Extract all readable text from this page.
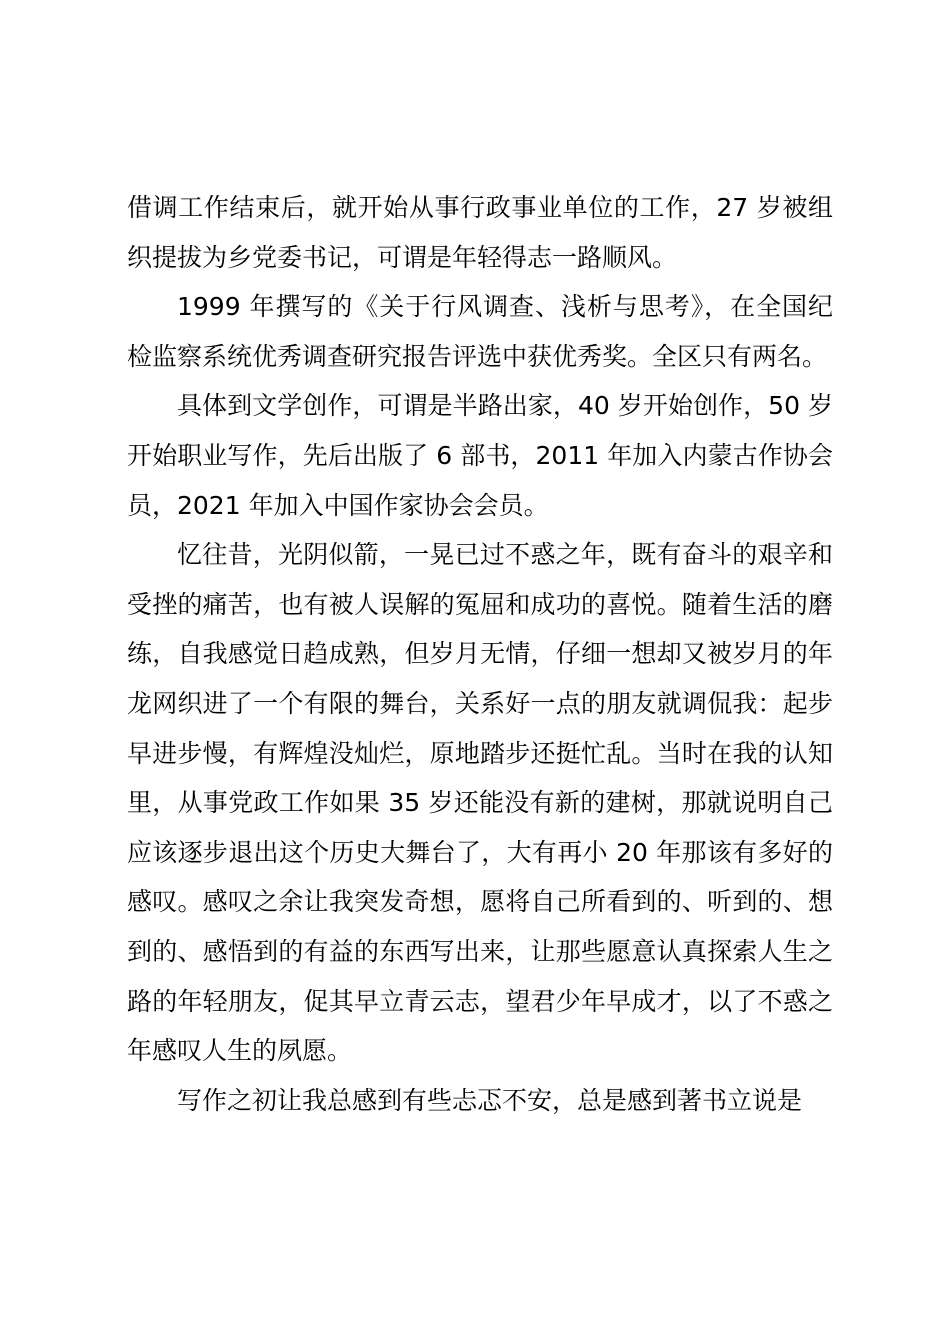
借调工作结束后，就开始从事行政事业单位的工作，27 岁被组织提拔为乡党委书记，可谓是年轻得志一路顺风。

1999 年撰写的《关于行风调查、浅析与思考》，在全国纪检监察系统优秀调查研究报告评选中获优秀奖。全区只有两名。

具体到文学创作，可谓是半路出家，40 岁开始创作，50 岁开始职业写作，先后出版了 6 部书，2011 年加入内蒙古作协会员，2021 年加入中国作家协会会员。

忆往昔，光阴似箭，一晃已过不惑之年，既有奋斗的艰辛和受挫的痛苦，也有被人误解的冤屈和成功的喜悦。随着生活的磨练，自我感觉日趋成熟，但岁月无情，仔细一想却又被岁月的年龙网织进了一个有限的舞台，关系好一点的朋友就调侃我：起步早进步慢，有辉煌没灿烂，原地踏步还挺忙乱。当时在我的认知里，从事党政工作如果 35 岁还能没有新的建树，那就说明自己应该逐步退出这个历史大舞台了，大有再小 20 年那该有多好的感叹。感叹之余让我突发奇想，愿将自己所看到的、听到的、想到的、感悟到的有益的东西写出来，让那些愿意认真探索人生之路的年轻朋友，促其早立青云志，望君少年早成才，以了不惑之年感叹人生的夙愿。

写作之初让我总感到有些忐忑不安，总是感到著书立说是
